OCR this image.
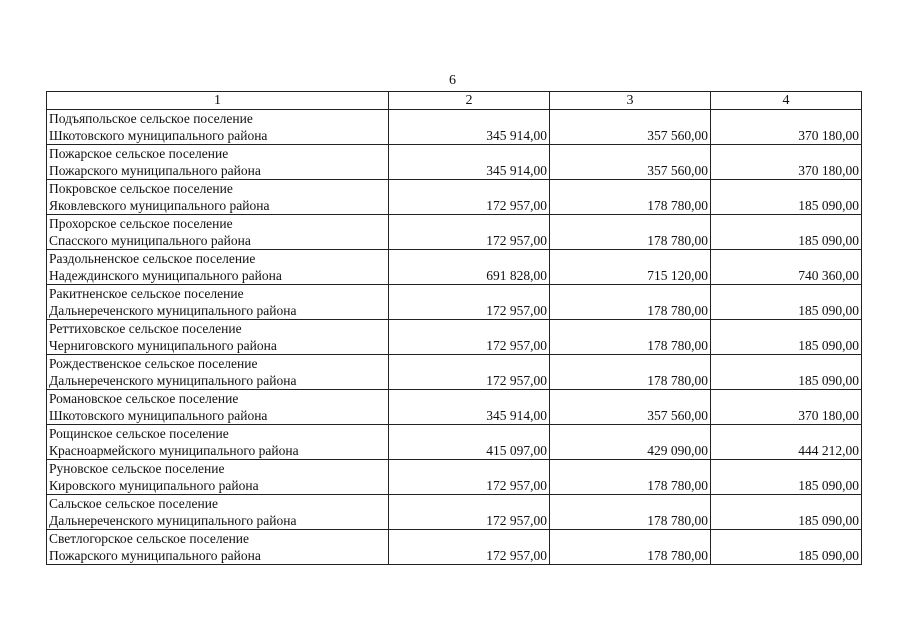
6
1	2	3	4

Подъяпольское сельское поселение
Шкотовского муниципального района	345 914,00	357 560,00	370 180,00

Пожарское сельское поселение
Пожарского муниципального района	345 914,00	357 560,00	370 180,00

Покровское сельское поселение
Яковлевского муниципального района	172 957,00	178 780,00	185 090,00

Прохорское сельское поселение
Спасского муниципального района	172 957,00	178 780,00	185 090,00

Раздольненское сельское поселение
Надеждинского муниципального района	691 828,00	715 120,00	740 360,00

Ракитненское сельское поселение
Дальнереченского муниципального района	172 957,00	178 780,00	185 090,00

Реттиховское сельское поселение
Черниговского муниципального района	172 957,00	178 780,00	185 090,00

Рождественское сельское поселение
Дальнереченского муниципального района	172 957,00	178 780,00	185 090,00

Романовское сельское поселение
Шкотовского муниципального района	345 914,00	357 560,00	370 180,00

Рощинское сельское поселение
Красноармейского муниципального района	415 097,00	429 090,00	444 212,00

Руновское сельское поселение
Кировского муниципального района	172 957,00	178 780,00	185 090,00

Сальское сельское поселение
Дальнереченского муниципального района	172 957,00	178 780,00	185 090,00

Светлогорское сельское поселение
Пожарского муниципального района	172 957,00	178 780,00	185 090,00
